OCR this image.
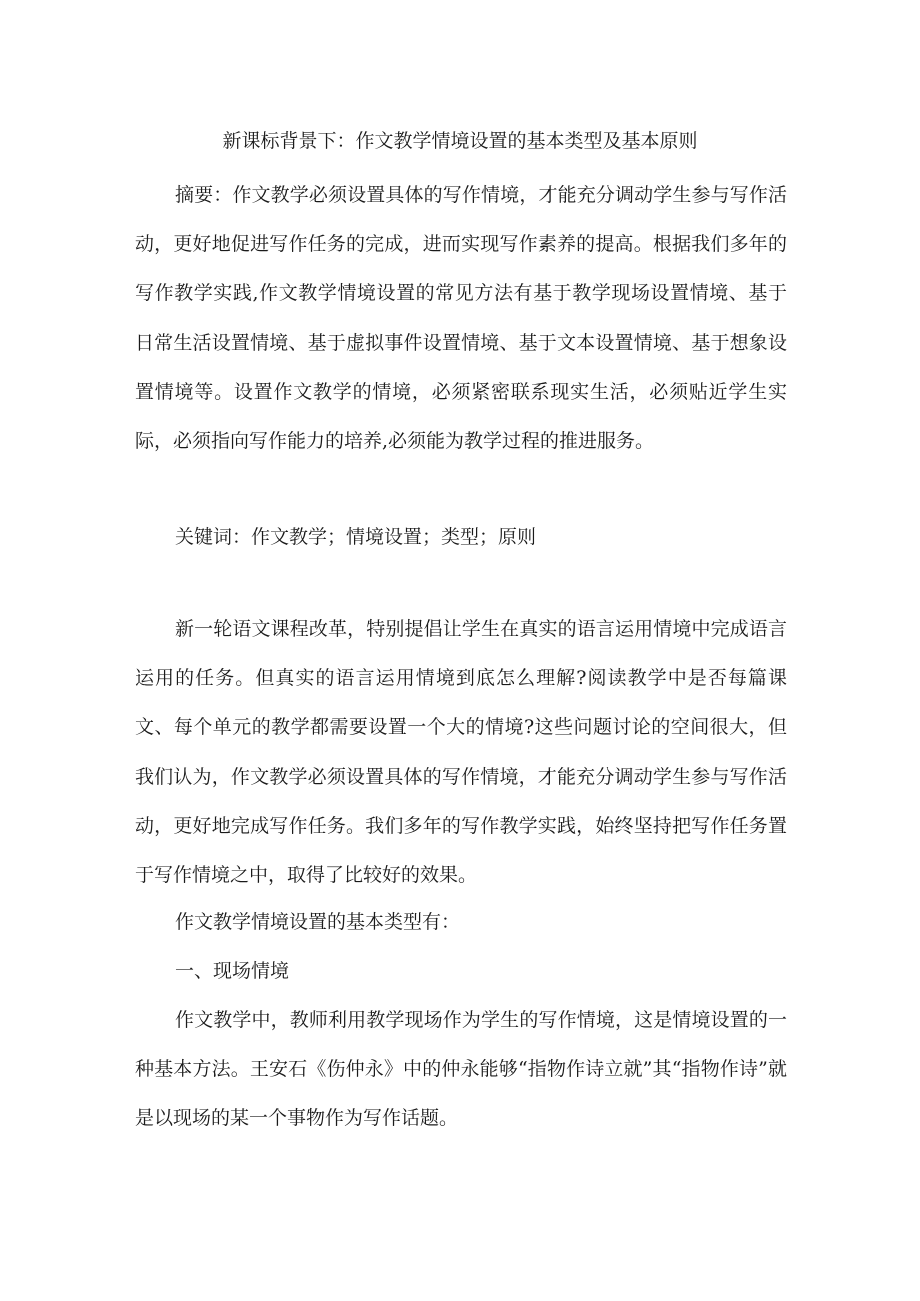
新课标背景下：作文教学情境设置的基本类型及基本原则

摘要：作文教学必须设置具体的写作情境，才能充分调动学生参与写作活动，更好地促进写作任务的完成，进而实现写作素养的提高。根据我们多年的写作教学实践,作文教学情境设置的常见方法有基于教学现场设置情境、基于日常生活设置情境、基于虚拟事件设置情境、基于文本设置情境、基于想象设置情境等。设置作文教学的情境，必须紧密联系现实生活，必须贴近学生实际，必须指向写作能力的培养,必须能为教学过程的推进服务。

关键词：作文教学；情境设置；类型；原则

新一轮语文课程改革，特别提倡让学生在真实的语言运用情境中完成语言运用的任务。但真实的语言运用情境到底怎么理解?阅读教学中是否每篇课文、每个单元的教学都需要设置一个大的情境?这些问题讨论的空间很大，但我们认为，作文教学必须设置具体的写作情境，才能充分调动学生参与写作活动，更好地完成写作任务。我们多年的写作教学实践，始终坚持把写作任务置于写作情境之中，取得了比较好的效果。

作文教学情境设置的基本类型有：

一、现场情境

作文教学中，教师利用教学现场作为学生的写作情境，这是情境设置的一种基本方法。王安石《伤仲永》中的仲永能够“指物作诗立就”其“指物作诗”就是以现场的某一个事物作为写作话题。
